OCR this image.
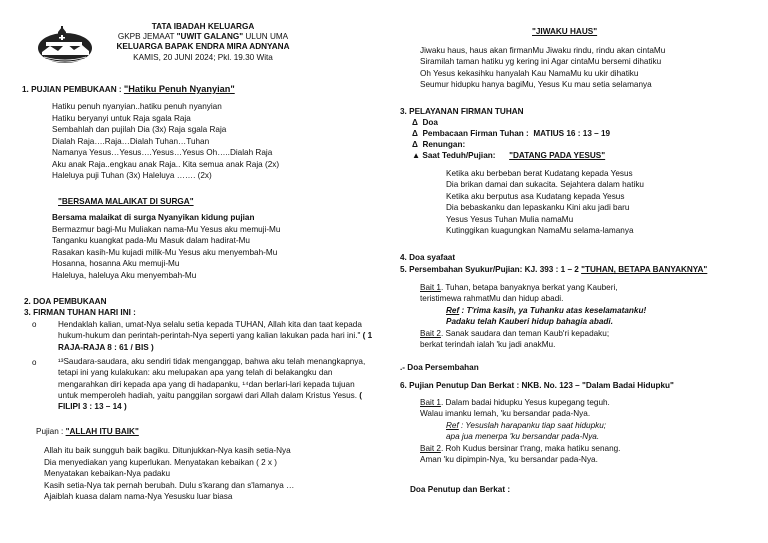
TATA IBADAH KELUARGA
GKPB JEMAAT "UWIT GALANG" ULUN UMA
KELUARGA BAPAK ENDRA MIRA ADNYANA
KAMIS, 20 JUNI 2024; Pkl. 19.30 Wita
1. PUJIAN PEMBUKAAN : "Hatiku Penuh Nyanyian"
Hatiku penuh nyanyian..hatiku penuh nyanyian
Hatiku beryanyi untuk Raja sgala Raja
Sembahlah dan pujilah Dia (3x) Raja sgala Raja
Dialah Raja….Raja…Dialah Tuhan…Tuhan
Namanya Yesus…Yesus….Yesus…Yesus Oh…..Dialah Raja
Aku anak Raja..engkau anak Raja.. Kita semua anak Raja (2x)
Haleluya puji Tuhan (3x) Haleluya ……. (2x)
"BERSAMA MALAIKAT DI SURGA"
Bersama malaikat di surga Nyanyikan kidung pujian
Bermazmur bagi-Mu Muliakan nama-Mu Yesus aku memuji-Mu
Tanganku kuangkat pada-Mu Masuk dalam hadirat-Mu
Rasakan kasih-Mu kujadi milik-Mu Yesus aku menyembah-Mu
Hosanna, hosanna Aku memuji-Mu
Haleluya, haleluya Aku menyembah-Mu
2. DOA PEMBUKAAN
3. FIRMAN TUHAN HARI INI :
o	Hendaklah kalian, umat-Nya selalu setia kepada TUHAN, Allah kita dan taat kepada hukum-hukum dan perintah-perintah-Nya seperti yang kalian lakukan pada hari ini." ( 1 RAJA-RAJA 8 : 61 / BIS )
o	¹³Saudara-saudara, aku sendiri tidak menganggap, bahwa aku telah menangkapnya, tetapi ini yang kulakukan: aku melupakan apa yang telah di belakangku dan mengarahkan diri kepada apa yang di hadapanku, ¹⁴dan berlari-lari kepada tujuan untuk memperoleh hadiah, yaitu panggilan sorgawi dari Allah dalam Kristus Yesus. ( FILIPI 3 : 13 – 14 )
Pujian : "ALLAH ITU BAIK"
Allah itu baik sungguh baik bagiku. Ditunjukkan-Nya kasih setia-Nya
Dia menyediakan yang kuperlukan. Menyatakan kebaikan ( 2 x )
Menyatakan kebaikan-Nya padaku
Kasih setia-Nya tak pernah berubah. Dulu s'karang dan s'lamanya …
Ajaiblah kuasa dalam nama-Nya Yesusku luar biasa
"JIWAKU HAUS"
Jiwaku haus, haus akan firmanMu Jiwaku rindu, rindu akan cintaMu
Siramilah taman hatiku yg kering ini Agar cintaMu bersemi dihatiku
Oh Yesus kekasihku hanyalah Kau NamaMu ku ukir dihatiku
Seumur hidupku hanya bagiMu, Yesus Ku mau setia selamanya
3. PELAYANAN FIRMAN TUHAN
Δ Doa
Δ Pembacaan Firman Tuhan : MATIUS 16 : 13 – 19
Δ Renungan:
▲ Saat Teduh/Pujian: "DATANG PADA YESUS"
Ketika aku berbeban berat Kudatang kepada Yesus
Dia brikan damai dan sukacita. Sejahtera dalam hatiku
Ketika aku berputus asa Kudatang kepada Yesus
Dia bebaskanku dan lepaskanku Kini aku jadi baru
Yesus Yesus Tuhan Mulia namaMu
Kutinggikan kuagungkan NamaMu selama-lamanya
4. Doa syafaat
5. Persembahan Syukur/Pujian: KJ. 393 : 1 – 2 "TUHAN, BETAPA BANYAKNYA"
Bait 1. Tuhan, betapa banyaknya berkat yang Kauberi,
teristimewa rahmatMu dan hidup abadi.
Ref : T'rima kasih, ya Tuhanku atas keselamatanku!
Padaku telah Kauberi hidup bahagia abadi.
Bait 2. Sanak saudara dan teman Kaub'ri kepadaku;
berkat terindah ialah 'ku jadi anakMu.
.- Doa Persembahan
6. Pujian Penutup Dan Berkat : NKB. No. 123 – "Dalam Badai Hidupku"
Bait 1. Dalam badai hidupku Yesus kupegang teguh.
Walau imanku lemah, 'ku bersandar pada-Nya.
Ref : Yesuslah harapanku tiap saat hidupku;
apa jua menerpa 'ku bersandar pada-Nya.
Bait 2. Roh Kudus bersinar t'rang, maka hatiku senang.
Aman 'ku dipimpin-Nya, 'ku bersandar pada-Nya.
Doa Penutup dan Berkat :
